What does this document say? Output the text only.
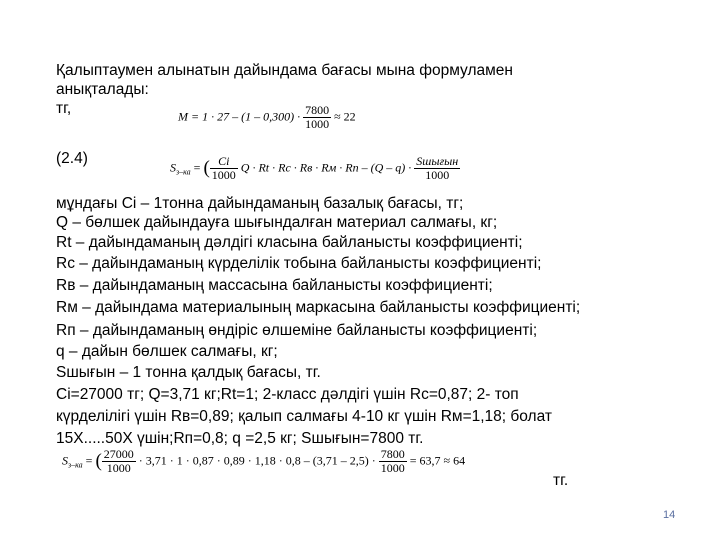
Қалыптаумен алынатын дайындама бағасы мына формуламен
анықталады:
тг,	$M = 1 \cdot 27 - (1 - 0,300) \cdot \frac{7800}{1000} \approx 22$
(2.4)
$S_{з-ка}$ = ( $\frac{Cі}{1000}$ Q · Rt · Rc · Rв · Rм · Rп – $(Q - q) \cdot \frac{\text{Sшығын}}{1000}$
мұндағы Сі – 1тонна дайындаманың базалық бағасы, тг;
Q – бөлшек дайындауға шығындалған материал салмағы, кг;
Rt – дайындаманың дәлдігі класына байланысты коэффициенті;
Rc – дайындаманың күрделілік тобына байланысты коэффициенті;
Rв – дайындаманың массасына байланысты коэффициенті;
Rм – дайындама материалының маркасына байланысты коэффициенті;
Rп – дайындаманың өндіріс өлшеміне байланысты коэффициенті;
q – дайын бөлшек салмағы, кг;
Sшығын – 1 тонна қалдық бағасы, тг.
Сі=27000 тг; Q=3,71 кг;Rt=1; 2-класс дәлдігі үшін Rc=0,87; 2- топ
күрделілігі үшін Rв=0,89; қалып салмағы 4-10 кг үшін Rм=1,18; болат
15Х.....50Х үшін;Rп=0,8; q =2,5 кг; Sшығын=7800 тг.
$S_{з-ка}$ = ( $\frac{27000}{1000} \cdot 3,71 \cdot 1 \cdot 0,87 \cdot 0,89 \cdot 1,18 \cdot 0,8 - (3,71 - 2,5) \cdot \frac{7800}{1000} = 63,7 \approx 64$
тг.
14
